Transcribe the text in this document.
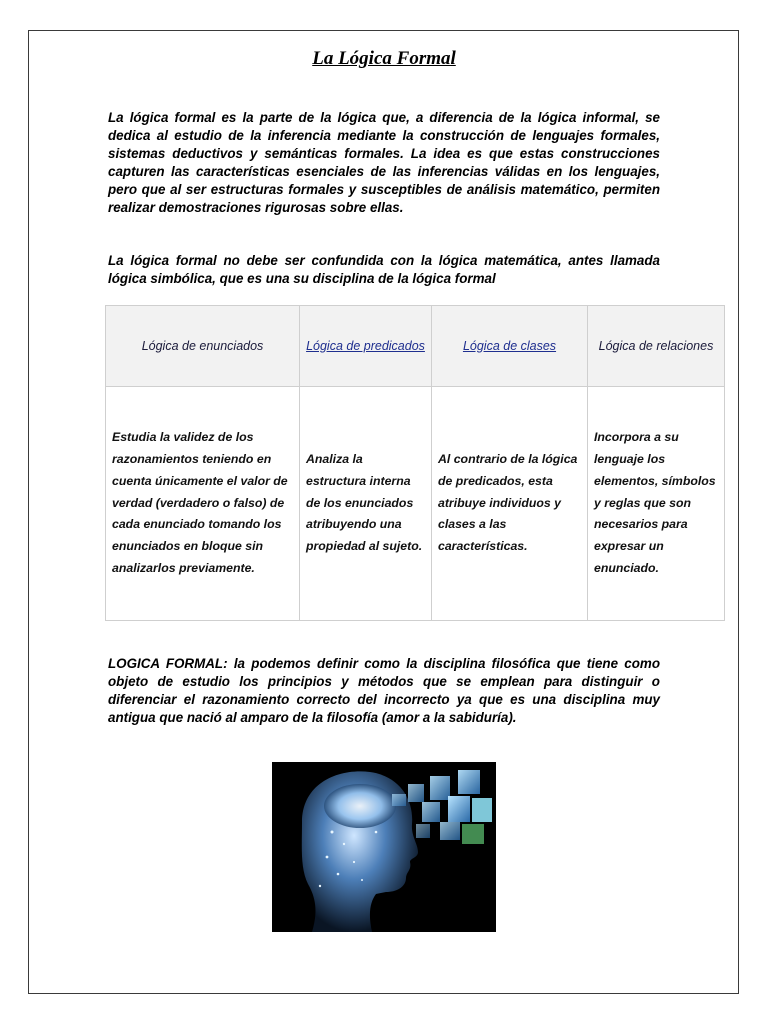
La Lógica Formal

La lógica formal es la parte de la lógica que, a diferencia de la lógica informal, se dedica al estudio de la inferencia mediante la construcción de lenguajes formales, sistemas deductivos y semánticas formales. La idea es que estas construcciones capturen las características esenciales de las inferencias válidas en los lenguajes, pero que al ser estructuras formales y susceptibles de análisis matemático, permiten realizar demostraciones rigurosas sobre ellas.

La lógica formal no debe ser confundida con la lógica matemática, antes llamada lógica simbólica, que es una su disciplina de la lógica formal

Lógica de enunciados	Lógica de predicados	Lógica de clases	Lógica de relaciones
Estudia la validez de los razonamientos teniendo en cuenta únicamente el valor de verdad (verdadero o falso) de cada enunciado tomando los enunciados en bloque sin analizarlos previamente.	Analiza la estructura interna de los enunciados atribuyendo una propiedad al sujeto.	Al contrario de la lógica de predicados, esta atribuye individuos y clases a las características.	Incorpora a su lenguaje los elementos, símbolos y reglas que son necesarios para expresar un enunciado.

LOGICA FORMAL: la podemos definir como la disciplina filosófica que tiene como objeto de estudio los principios y métodos que se emplean para distinguir o diferenciar el razonamiento correcto del incorrecto ya que es una disciplina muy antigua que nació al amparo de la filosofía (amor a la sabiduría).
